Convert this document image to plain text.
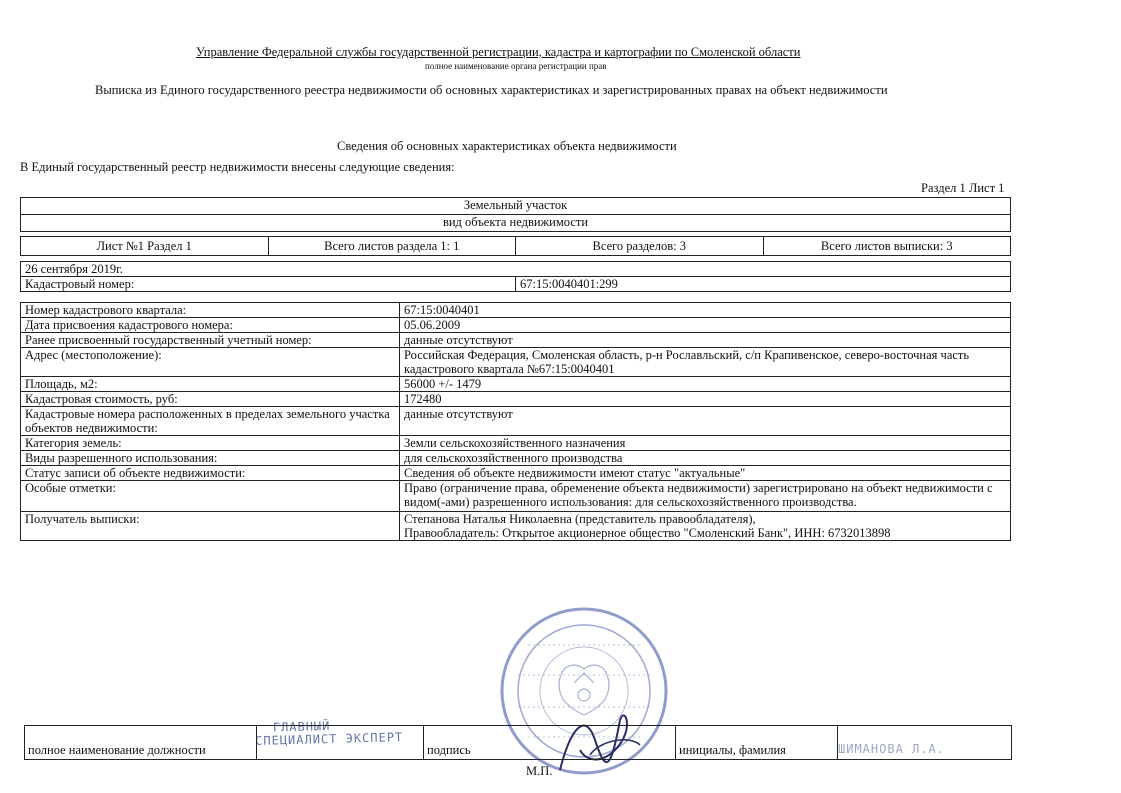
Управление Федеральной службы государственной регистрации, кадастра и картографии по Смоленской области
полное наименование органа регистрации прав
Выписка из Единого государственного реестра недвижимости об основных характеристиках и зарегистрированных правах на объект недвижимости
Сведения об основных характеристиках объекта недвижимости
В Единый государственный реестр недвижимости внесены следующие сведения:
Раздел 1 Лист 1
Земельный участок
вид объекта недвижимости
Лист №1 Раздел 1	Всего листов раздела 1: 1	Всего разделов: 3	Всего листов выписки: 3
26 сентября 2019г.
Кадастровый номер:	67:15:0040401:299
Номер кадастрового квартала:	67:15:0040401
Дата присвоения кадастрового номера:	05.06.2009
Ранее присвоенный государственный учетный номер:	данные отсутствуют
Адрес (местоположение):	Российская Федерация, Смоленская область, р-н Рославльский, с/п Крапивенское, северо-восточная часть кадастрового квартала №67:15:0040401
Площадь, м2:	56000 +/- 1479
Кадастровая стоимость, руб:	172480
Кадастровые номера расположенных в пределах земельного участка объектов недвижимости:	данные отсутствуют
Категория земель:	Земли сельскохозяйственного назначения
Виды разрешенного использования:	для сельскохозяйственного производства
Статус записи об объекте недвижимости:	Сведения об объекте недвижимости имеют статус "актуальные"
Особые отметки:	Право (ограничение права, обременение объекта недвижимости) зарегистрировано на объект недвижимости с видом(-ами) разрешенного использования: для сельскохозяйственного производства.
Получатель выписки:	Степанова Наталья Николаевна (представитель правообладателя),
Правообладатель: Открытое акционерное общество "Смоленский Банк", ИНН: 6732013898
ГЛАВНЫЙ
СПЕЦИАЛИСТ ЭКСПЕРТ
полное наименование должности		подпись	инициалы, фамилия		ШИМАНОВА Л.А.
М.П.
